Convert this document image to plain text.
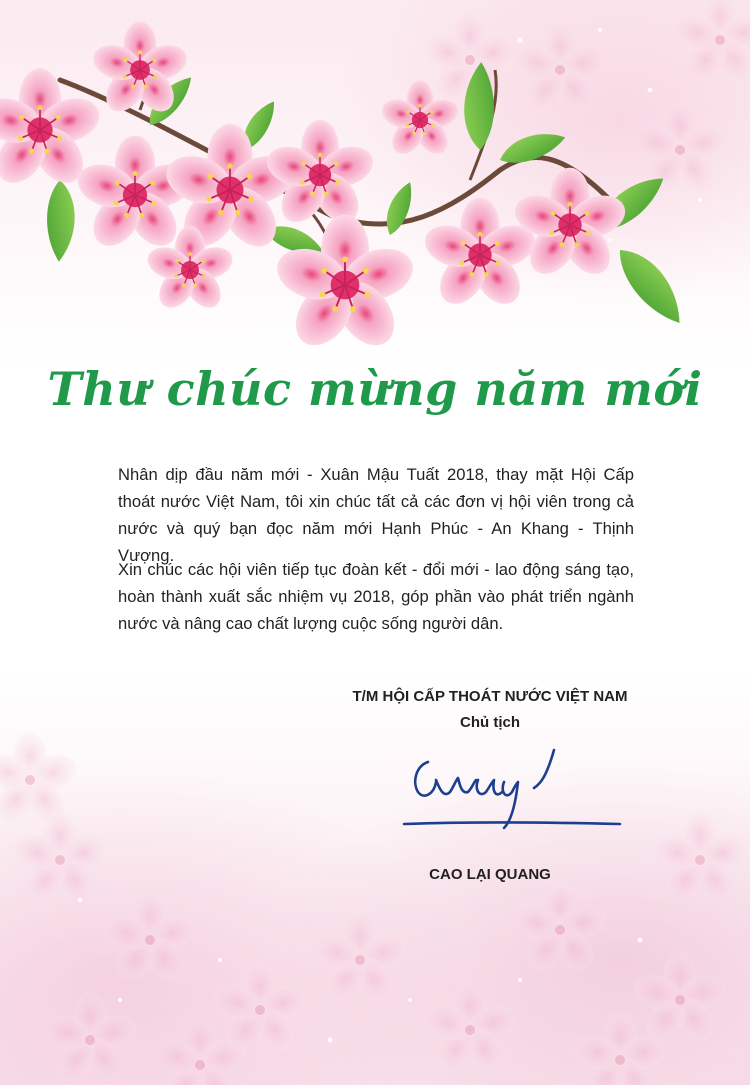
Thư chúc mừng năm mới

Nhân dịp đầu năm mới - Xuân Mậu Tuất 2018, thay mặt Hội Cấp thoát nước Việt Nam, tôi xin chúc tất cả các đơn vị hội viên trong cả nước và quý bạn đọc năm mới Hạnh Phúc - An Khang - Thịnh Vượng.

Xin chúc các hội viên tiếp tục đoàn kết - đổi mới - lao động sáng tạo, hoàn thành xuất sắc nhiệm vụ 2018, góp phần vào phát triển ngành nước và nâng cao chất lượng cuộc sống người dân.

T/M HỘI CẤP THOÁT NƯỚC VIỆT NAM

Chủ tịch

CAO LẠI QUANG
